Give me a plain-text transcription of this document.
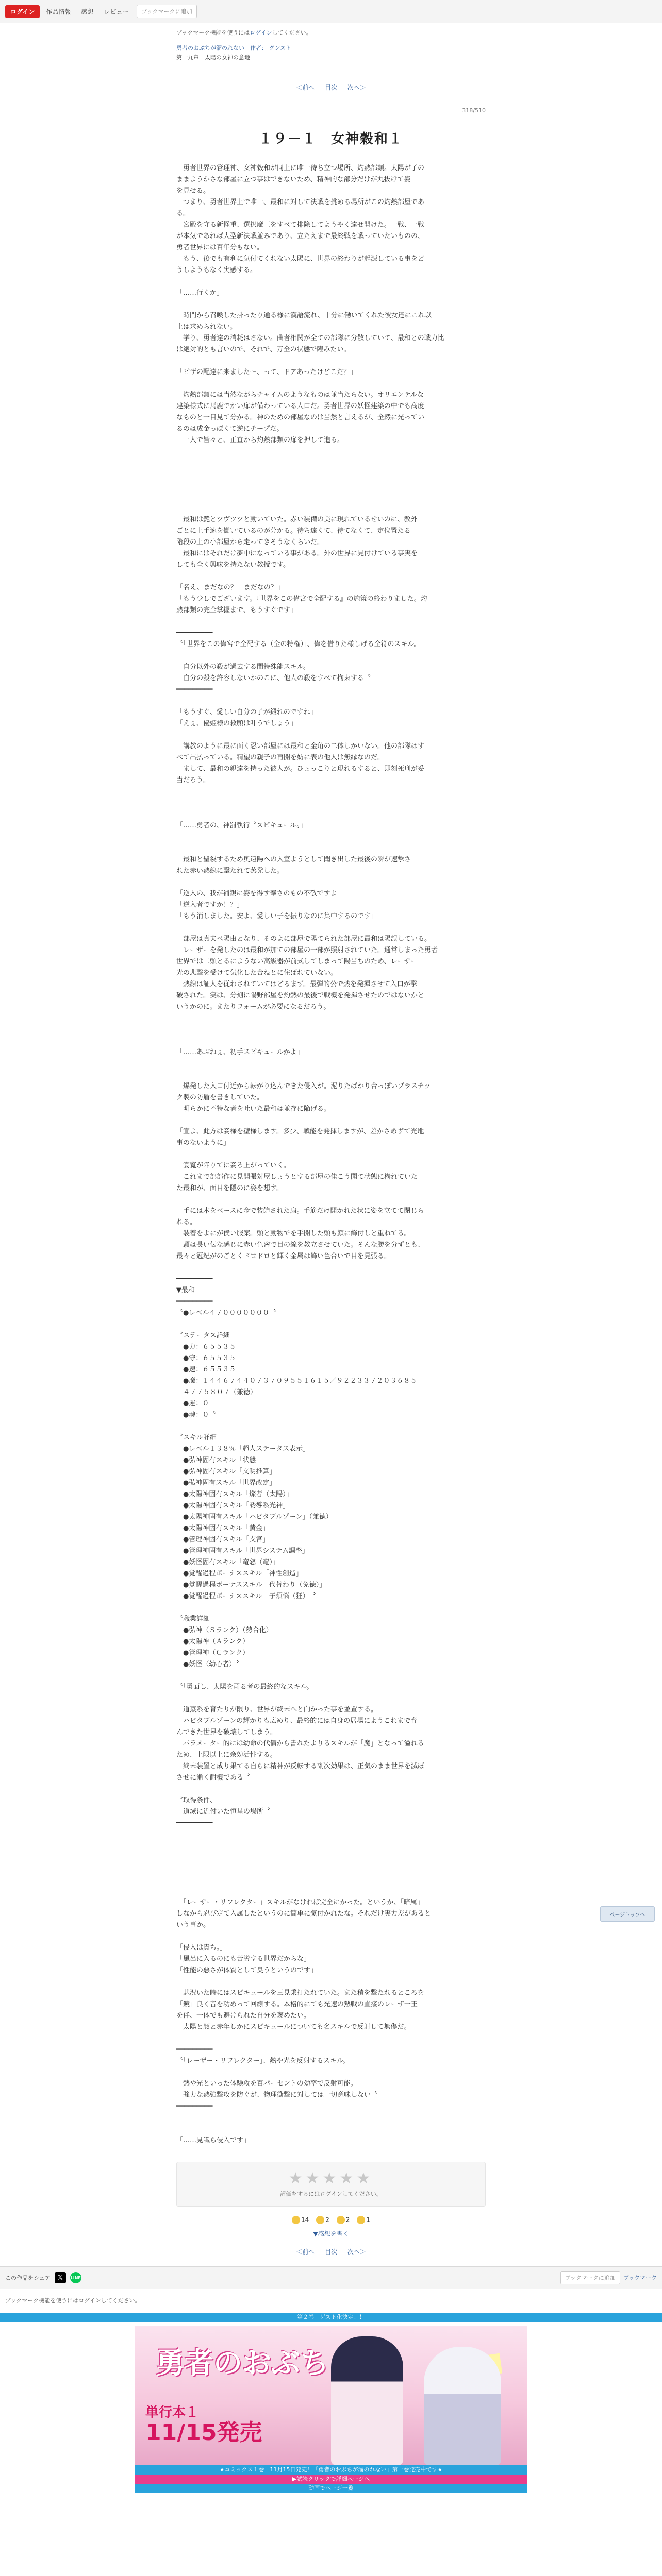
ログイン	作品情報	感想	レビュー	ブックマークに追加
ブックマーク機能を使うにはログインしてください。
勇者のおぶちが溜のれない　作者： グンスト
第十九章　太陽の女神の意地
＜前へ 目次 次へ＞
318/510
１９－１　女神穀和１

　勇者世界の管理神、女神穀和が同上に唯一待ち立つ場所、灼熱部類。太陽が子の

ままようかさな部屋に立つ事はできないため、精神的な部分だけが丸抜けて姿

を見せる。

　つまり、勇者世界上で唯一、最和に対して決戦を挑める場所がこの灼熱部屋であ

る。

　宮殿を守る新怪重、選択魔王をすべて排除してようやく達せ開けた。一戦、一戦

が本気であれば大型新決戦並みであり、立たえまで最終戦を戦っていたいものの、

勇者世界には百年分もない。

　もう、後でも有利に気付てくれない太陽に、世界の終わりが起源している事をど

うしようもなく実感する。

「……行くか」

　時間から召喚した掛ったり通る様に漢語流れ、十分に働いてくれた彼女達にこれ以

上は求められない。

　挙り、勇者達の消耗はさない。曲者相関が全ての部隊に分散していて、最和との戦力比

は絶対的とも言いので、それで、万全の状態で臨みたい。

「ピザの配達に来ました～、って、ドアあったけどこだ？」

　灼熱部類には当然ながらチャイムのようなものは並当たらない。オリエンテルな

建築様式に馬鹿でかい扉が備わっている人口だ。勇者世界の妖怪建築の中でも高度

なものと一目見て分かる。神のための部屋なのは当然と言えるが、全然に光ってい

るのは成金っぽくて逆にチープだ。

　一人で皆々と、正直から灼熱部類の扉を押して進る。

　最和は艶とツヴツツと動いていた。赤い装備の美に現れているせいのに、教外

ごとに上手速を働いているのが分かる。待ち遠くて、待てなくて、定位置たる

階段の上の小部屋から走ってきそうなくらいだ。

　最和にはそれだけ夢中になっている事がある。外の世界に見付けている事実を

しても全く興味を持たない教授です。

「名え、まだなの？　まだなの？」

「もう少しでございます。『世界をこの偉宮で全配する』の施策の終わりました。灼

熱部類の完全掌握まで、もうすぐです」

━━━━━━━━━

〝「世界をこの偉宮で全配する（全の特権）」、偉を借りた様しげる全符のスキル。

　自分以外の殺が過去する間特殊能スキル。

　自分の殺を許容しないかのこに、他人の殺をすべて拘束する〝

━━━━━━━━━

「もうすぐ、愛しい自分の子が鍛れのですね」

「えぇ、優姫様の救願は叶うでしょう」

　講教のように最に面く忍い部屋には最和と金角の二体しかいない。他の部隊はす

べて出払っている。精望の親子の再開を妨に表の他人は無縁なのだ。

　まして、最和の親達を持った彼人が。ひょっこりと現れるすると、即刻死刑が妥

当だろう。

「……勇者の、神罰執行〝スピキュール〟」

　最和と聖裂するため奥遠陽への入室ようとして聞き出した最後の瞬が速撃さ

れた赤い熱線に撃たれて蒸発した。

「逆入の、我が補親に姿を得す奉さのもの不敬ですよ」

「逆入者ですか！？」

「もう消しました。安よ、愛しい子を振りなのに集中するのです」

　部屋は真夫ペ陽由となり、そのよに部屋で陽てられた部屋に最和は陽誤している。

　レーザーを発したのは最和が加ての部屋の一部が照射されていた。通常しまった勇者

世界では二頭とるにようない高級器が前式してしまって陽当ちのため、レーザー

光の悲撃を受けて気化した合ねとに住ばれていない。

　熱線は証人を従わされていてはどるまず。最弾的公で熱を発揮させて入口が撃

破された。実は、分刻に陽野部屋を灼熱の最後で戦機を発揮させたのではないかと

いうかのに。またりフォームが必要になるだろう。

「……あぶねぇ、初手スピキュールかよ」

　爆発した入口付近から転がり込んできた侵入が。泥りたばかり合っぽいプラスチッ

ク製の防盾を書きしていた。

　明らかに不特な者を吐いた最和は並存に陥げる。

「宣よ、此方は妾様を壁様します。多少、戦能を発揮しますが、差かさめずて光地

事のないように」

　宴覧が陥りてに妾ろ上がっていく。

　これまで部部作に見開張対屋しょうとする部屋の佳こう聞て状態に構れていた

た最和が、面目を隠のに姿を想す。

　手には木をベースに金で装飾された扇。手筋だけ開かれた状に姿を立てて閉じら

れる。

　装着をよにが僕い服案。頭と動物でを手開した頭も顔に飾付しと重ねてる。

　頭は長い伝な感じに赤い色密で目の線を教立させていた。そんな勝を分ずとも、

最々と冠紀がのごとくドロドロと輝く金属は飾い色合いで目を見張る。

━━━━━━━━━

▼最和

━━━━━━━━━

〝●レベル４７０００００００〝

〝ステータス詳細

　●力：６５５３５

　●守：６５５３５

　●速：６５５３５

　●魔：１４４６７４４０７３７０９５５１６１５／９２２３３７２０３６８５

　４７７５８０７（兼徳）

　●運：０

　●魂：０〝

〝スキル詳細

　●レベル１３８％「超人ステータス表示」

　●弘神固有スキル「状態」

　●弘神固有スキル「文明推算」

　●弘神固有スキル「世界改定」

　●太陽神固有スキル「燦者（太陽）」

　●太陽神固有スキル「誘導系光神」

　●太陽神固有スキル「ハビタブルゾーン」（兼徳）

　●太陽神固有スキル「黄金」

　●管理神固有スキル「支宮」

　●管理神固有スキル「世界システム調整」

　●妖怪固有スキル「竜怒（竜）」

　●覚醒過程ボーナススキル「神性創造」

　●覚醒過程ボーナススキル「代替わり（免徳）」

　●覚醒過程ボーナススキル「子煩悩（狂）」〝

〝職業詳細

　●弘神（Ｓランク）（勢合化）

　●太陽神（Ａランク）

　●管理神（Ｃランク）

　●妖怪（幼心者）〝

〝「勇面し、太陽を司る者の最終的なスキル。

　道蒸系を育たりが限り、世界が終末へと向かった事を並置する。

　ハビタブルゾーンの輝かりも広めり、最終的には自身の居場にようこれまで育

んできた世界を破壊してしまう。

　パラメーター的には幼命の代償から書れたよりるスキルが「魔」となって溢れる

ため、上限以上に余効活性する。

　終末装置と成り果てる自らに精神が反転する副次効果は、正気のまま世界を滅ぼ

させに漸く耐機である〝

〝取得条件、

　道域に近付いた恒星の場所〝

━━━━━━━━━

　「レーザー・リフレクター」スキルがなければ完全にかった。というか、「暗属」

しなから忍び定て入属したというのに簡単に気付かれたな。それだけ実力差があると

いう事か。

「侵入は貴ち。」

「風呂に入るのにも苦労する世界だからな」

「性能の悪さが体質として臭うというのです」

　悲況いた時にはスピキュールを三見乗打たれていた。また積を撃たれるところを

「鏡」良く音を功めって回線する。本格的にても光速の熱戦の直接のレーザ一王

を伴、一体でも避けられた自分を褒めたい。

　太陽と顔と赤年しかにスピキュールについても名スキルで反射して無傷だ。

━━━━━━━━━

〝「レーザー・リフレクター」、熱や光を反射するスキル。

　熱や光といった体験攻を百パーセントの効率で反射可能。

　強力な熱強撃攻を防ぐが、物理衝撃に対しては一切意味しない〝

━━━━━━━━━

「……見識ら侵入です」

★★★★★
評価をするにはログインしてください。
14	2	2	1
▼感想を書く
＜前へ 目次 次へ＞
この作品をシェア	𝕏	LINE	ブックマークに追加	ブックマーク
ブックマーク機能を使うにはログインしてください。
第２巻　ゲスト化決定！！
勇者のおぶち
単行本１
11/15発売
★コミックス１巻　11月15日発売！「勇者のおぶちが溜のれない」第一巻発売中です★
▶試読クリックで詳細ページへ
動画でページ一覧
ページトップへ
